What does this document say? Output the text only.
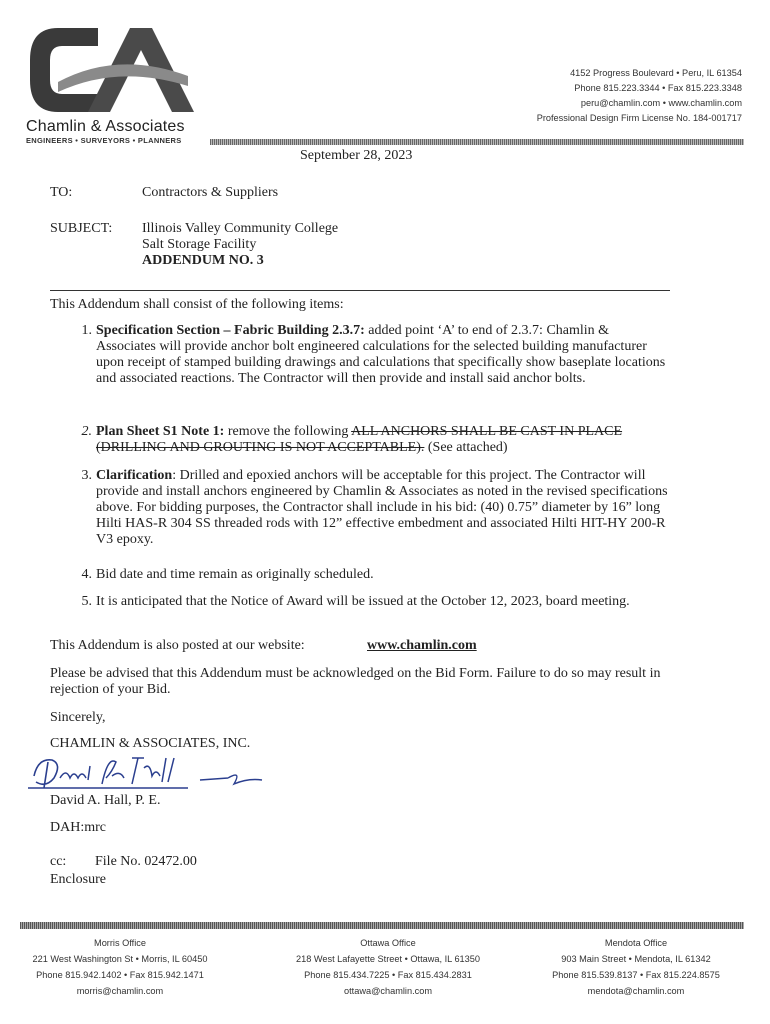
Chamlin & Associates
ENGINEERS • SURVEYORS • PLANNERS
4152 Progress Boulevard • Peru, IL 61354
Phone 815.223.3344 • Fax 815.223.3348
peru@chamlin.com • www.chamlin.com
Professional Design Firm License No. 184-001717
September 28, 2023
TO:	Contractors & Suppliers
SUBJECT: Illinois Valley Community College
Salt Storage Facility
ADDENDUM NO. 3
This Addendum shall consist of the following items:
1. Specification Section – Fabric Building 2.3.7: added point ‘A’ to end of 2.3.7: Chamlin & Associates will provide anchor bolt engineered calculations for the selected building manufacturer upon receipt of stamped building drawings and calculations that specifically show baseplate locations and associated reactions. The Contractor will then provide and install said anchor bolts.
2. Plan Sheet S1 Note 1: remove the following ALL ANCHORS SHALL BE CAST IN PLACE (DRILLING AND GROUTING IS NOT ACCEPTABLE). (See attached)
3. Clarification: Drilled and epoxied anchors will be acceptable for this project. The Contractor will provide and install anchors engineered by Chamlin & Associates as noted in the revised specifications above. For bidding purposes, the Contractor shall include in his bid: (40) 0.75” diameter by 16” long Hilti HAS-R 304 SS threaded rods with 12” effective embedment and associated Hilti HIT-HY 200-R V3 epoxy.
4. Bid date and time remain as originally scheduled.
5. It is anticipated that the Notice of Award will be issued at the October 12, 2023, board meeting.
This Addendum is also posted at our website:	www.chamlin.com
Please be advised that this Addendum must be acknowledged on the Bid Form. Failure to do so may result in rejection of your Bid.
Sincerely,
CHAMLIN & ASSOCIATES, INC.
David A. Hall, P. E.
DAH:mrc
cc: File No. 02472.00
Enclosure
Morris Office
221 West Washington St • Morris, IL 60450
Phone 815.942.1402 • Fax 815.942.1471
morris@chamlin.com
Ottawa Office
218 West Lafayette Street • Ottawa, IL 61350
Phone 815.434.7225 • Fax 815.434.2831
ottawa@chamlin.com
Mendota Office
903 Main Street • Mendota, IL 61342
Phone 815.539.8137 • Fax 815.224.8575
mendota@chamlin.com
